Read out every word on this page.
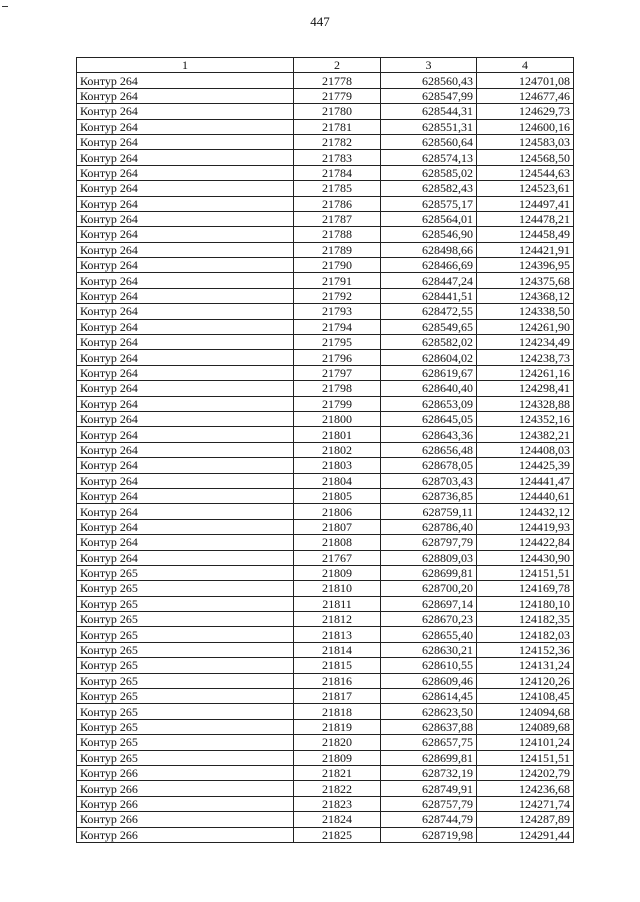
447
1	2	3	4
Контур 264	21778	628560,43	124701,08
Контур 264	21779	628547,99	124677,46
Контур 264	21780	628544,31	124629,73
Контур 264	21781	628551,31	124600,16
Контур 264	21782	628560,64	124583,03
Контур 264	21783	628574,13	124568,50
Контур 264	21784	628585,02	124544,63
Контур 264	21785	628582,43	124523,61
Контур 264	21786	628575,17	124497,41
Контур 264	21787	628564,01	124478,21
Контур 264	21788	628546,90	124458,49
Контур 264	21789	628498,66	124421,91
Контур 264	21790	628466,69	124396,95
Контур 264	21791	628447,24	124375,68
Контур 264	21792	628441,51	124368,12
Контур 264	21793	628472,55	124338,50
Контур 264	21794	628549,65	124261,90
Контур 264	21795	628582,02	124234,49
Контур 264	21796	628604,02	124238,73
Контур 264	21797	628619,67	124261,16
Контур 264	21798	628640,40	124298,41
Контур 264	21799	628653,09	124328,88
Контур 264	21800	628645,05	124352,16
Контур 264	21801	628643,36	124382,21
Контур 264	21802	628656,48	124408,03
Контур 264	21803	628678,05	124425,39
Контур 264	21804	628703,43	124441,47
Контур 264	21805	628736,85	124440,61
Контур 264	21806	628759,11	124432,12
Контур 264	21807	628786,40	124419,93
Контур 264	21808	628797,79	124422,84
Контур 264	21767	628809,03	124430,90
Контур 265	21809	628699,81	124151,51
Контур 265	21810	628700,20	124169,78
Контур 265	21811	628697,14	124180,10
Контур 265	21812	628670,23	124182,35
Контур 265	21813	628655,40	124182,03
Контур 265	21814	628630,21	124152,36
Контур 265	21815	628610,55	124131,24
Контур 265	21816	628609,46	124120,26
Контур 265	21817	628614,45	124108,45
Контур 265	21818	628623,50	124094,68
Контур 265	21819	628637,88	124089,68
Контур 265	21820	628657,75	124101,24
Контур 265	21809	628699,81	124151,51
Контур 266	21821	628732,19	124202,79
Контур 266	21822	628749,91	124236,68
Контур 266	21823	628757,79	124271,74
Контур 266	21824	628744,79	124287,89
Контур 266	21825	628719,98	124291,44
